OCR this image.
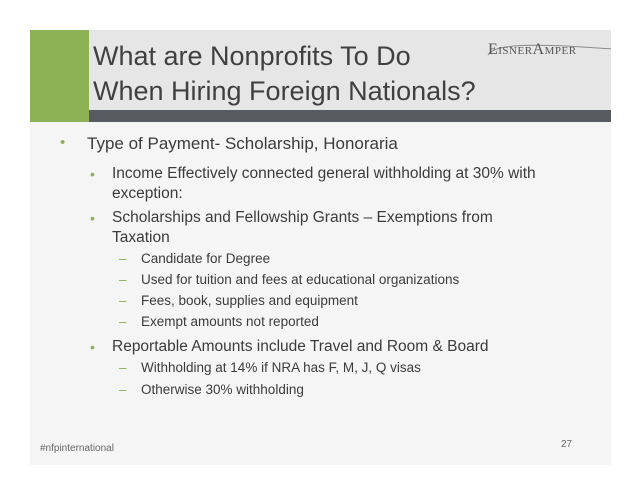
What are Nonprofits To Do
When Hiring Foreign Nationals?
EisnerAmper
• Type of Payment- Scholarship, Honoraria
• Income Effectively connected general withholding at 30% with
exception:
• Scholarships and Fellowship Grants – Exemptions from
Taxation
– Candidate for Degree
– Used for tuition and fees at educational organizations
– Fees, book, supplies and equipment
– Exempt amounts not reported
• Reportable Amounts include Travel and Room & Board
– Withholding at 14% if NRA has F, M, J, Q visas
– Otherwise 30% withholding
#nfpinternational	27
